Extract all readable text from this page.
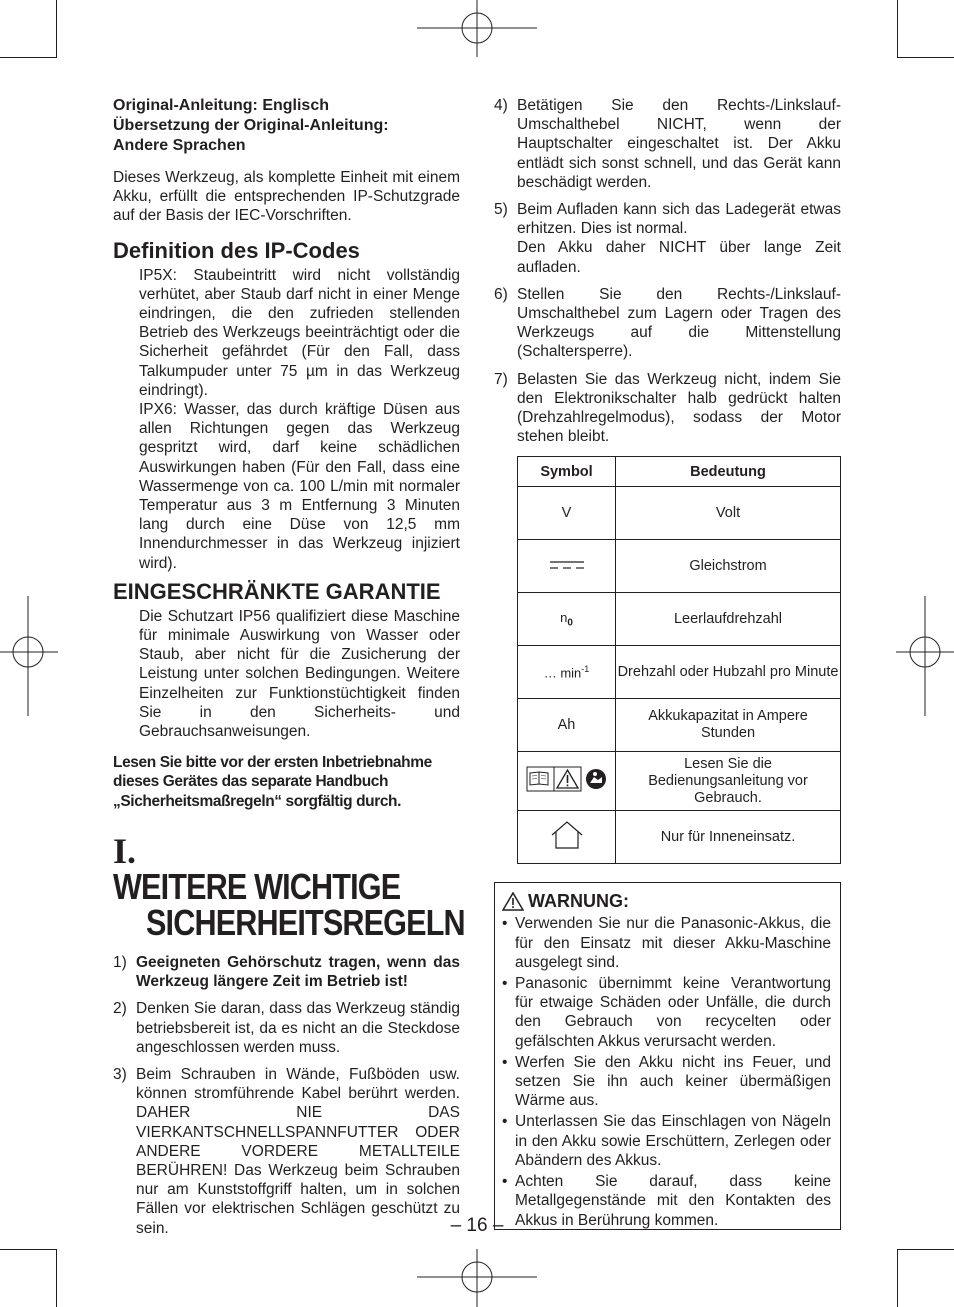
Original-Anleitung: Englisch
Übersetzung der Original-Anleitung:
Andere Sprachen
Dieses Werkzeug, als komplette Einheit mit einem Akku, erfüllt die entsprechenden IP-Schutzgrade auf der Basis der IEC-Vorschriften.
Definition des IP-Codes
IP5X: Staubeintritt wird nicht vollständig verhütet, aber Staub darf nicht in einer Menge eindringen, die den zufrieden stellenden Betrieb des Werkzeugs beeinträchtigt oder die Sicherheit gefährdet (Für den Fall, dass Talkumpuder unter 75 µm in das Werkzeug eindringt).
IPX6: Wasser, das durch kräftige Düsen aus allen Richtungen gegen das Werkzeug gespritzt wird, darf keine schädlichen Auswirkungen haben (Für den Fall, dass eine Wassermenge von ca. 100 L/min mit normaler Temperatur aus 3 m Entfernung 3 Minuten lang durch eine Düse von 12,5 mm Innendurchmesser in das Werkzeug injiziert wird).
EINGESCHRÄNKTE GARANTIE
Die Schutzart IP56 qualifiziert diese Maschine für minimale Auswirkung von Wasser oder Staub, aber nicht für die Zusicherung der Leistung unter solchen Bedingungen. Weitere Einzelheiten zur Funktionstüchtigkeit finden Sie in den Sicherheits- und Gebrauchsanweisungen.
Lesen Sie bitte vor der ersten Inbetriebnahme dieses Gerätes das separate Handbuch „Sicherheitsmaßregeln“ sorgfältig durch.
I. WEITERE WICHTIGE
SICHERHEITSREGELN
1) Geeigneten Gehörschutz tragen, wenn das Werkzeug längere Zeit im Betrieb ist!
2) Denken Sie daran, dass das Werkzeug ständig betriebsbereit ist, da es nicht an die Steckdose angeschlossen werden muss.
3) Beim Schrauben in Wände, Fußböden usw. können stromführende Kabel berührt werden. DAHER NIE DAS VIERKANTSCHNELLSPANNFUTTER ODER ANDERE VORDERE METALLTEILE BERÜHREN! Das Werkzeug beim Schrauben nur am Kunststoffgriff halten, um in solchen Fällen vor elektrischen Schlägen geschützt zu sein.
4) Betätigen Sie den Rechts-/Linkslauf-Umschalthebel NICHT, wenn der Hauptschalter eingeschaltet ist. Der Akku entlädt sich sonst schnell, und das Gerät kann beschädigt werden.
5) Beim Aufladen kann sich das Ladegerät etwas erhitzen. Dies ist normal.
Den Akku daher NICHT über lange Zeit aufladen.
6) Stellen Sie den Rechts-/Linkslauf-Umschalthebel zum Lagern oder Tragen des Werkzeugs auf die Mittenstellung (Schaltersperre).
7) Belasten Sie das Werkzeug nicht, indem Sie den Elektronikschalter halb gedrückt halten (Drehzahlregelmodus), sodass der Motor stehen bleibt.
Symbol	Bedeutung
V	Volt
	Gleichstrom
$n_0$	Leerlaufdrehzahl
… $\min^{-1}$	Drehzahl oder Hubzahl pro Minute
Ah	Akkukapazitat in Ampere Stunden
	Lesen Sie die Bedienungsanleitung vor Gebrauch.
	Nur für Inneneinsatz.
WARNUNG:
• Verwenden Sie nur die Panasonic-Akkus, die für den Einsatz mit dieser Akku-Maschine ausgelegt sind.
• Panasonic übernimmt keine Verantwortung für etwaige Schäden oder Unfälle, die durch den Gebrauch von recycelten oder gefälschten Akkus verursacht werden.
• Werfen Sie den Akku nicht ins Feuer, und setzen Sie ihn auch keiner übermäßigen Wärme aus.
• Unterlassen Sie das Einschlagen von Nägeln in den Akku sowie Erschüttern, Zerlegen oder Abändern des Akkus.
• Achten Sie darauf, dass keine Metallgegenstände mit den Kontakten des Akkus in Berührung kommen.
– 16 –
